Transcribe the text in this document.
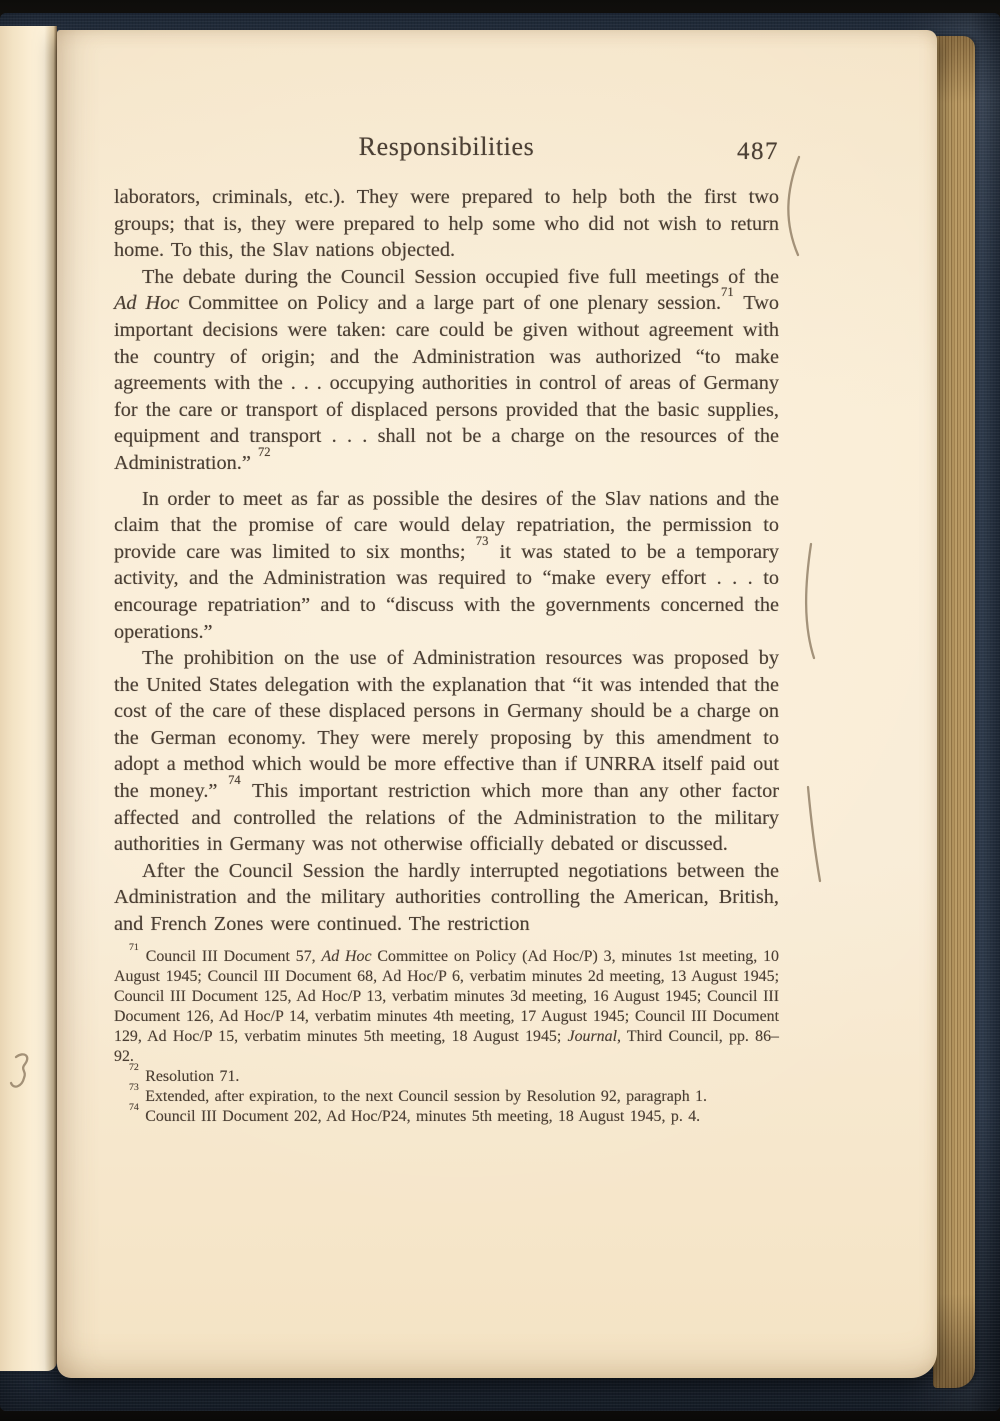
Responsibilities	487

laborators, criminals, etc.). They were prepared to help both the first two groups; that is, they were prepared to help some who did not wish to return home. To this, the Slav nations objected.

The debate during the Council Session occupied five full meetings of the Ad Hoc Committee on Policy and a large part of one plenary session.$^{71}$ Two important decisions were taken: care could be given without agreement with the country of origin; and the Administration was authorized “to make agreements with the . . . occupying authorities in control of areas of Germany for the care or transport of displaced persons provided that the basic supplies, equipment and transport . . . shall not be a charge on the resources of the Administration.” $^{72}$

In order to meet as far as possible the desires of the Slav nations and the claim that the promise of care would delay repatriation, the permission to provide care was limited to six months; $^{73}$ it was stated to be a temporary activity, and the Administration was required to “make every effort . . . to encourage repatriation” and to “discuss with the governments concerned the operations.”

The prohibition on the use of Administration resources was proposed by the United States delegation with the explanation that “it was intended that the cost of the care of these displaced persons in Germany should be a charge on the German economy. They were merely proposing by this amendment to adopt a method which would be more effective than if UNRRA itself paid out the money.” $^{74}$ This important restriction which more than any other factor affected and controlled the relations of the Administration to the military authorities in Germany was not otherwise officially debated or discussed.

After the Council Session the hardly interrupted negotiations between the Administration and the military authorities controlling the American, British, and French Zones were continued. The restriction

$^{71}$ Council III Document 57, Ad Hoc Committee on Policy (Ad Hoc/P) 3, minutes 1st meeting, 10 August 1945; Council III Document 68, Ad Hoc/P 6, verbatim minutes 2d meeting, 13 August 1945; Council III Document 125, Ad Hoc/P 13, verbatim minutes 3d meeting, 16 August 1945; Council III Document 126, Ad Hoc/P 14, verbatim minutes 4th meeting, 17 August 1945; Council III Document 129, Ad Hoc/P 15, verbatim minutes 5th meeting, 18 August 1945; Journal, Third Council, pp. 86–92.

$^{72}$ Resolution 71.

$^{73}$ Extended, after expiration, to the next Council session by Resolution 92, paragraph 1.

$^{74}$ Council III Document 202, Ad Hoc/P24, minutes 5th meeting, 18 August 1945, p. 4.
